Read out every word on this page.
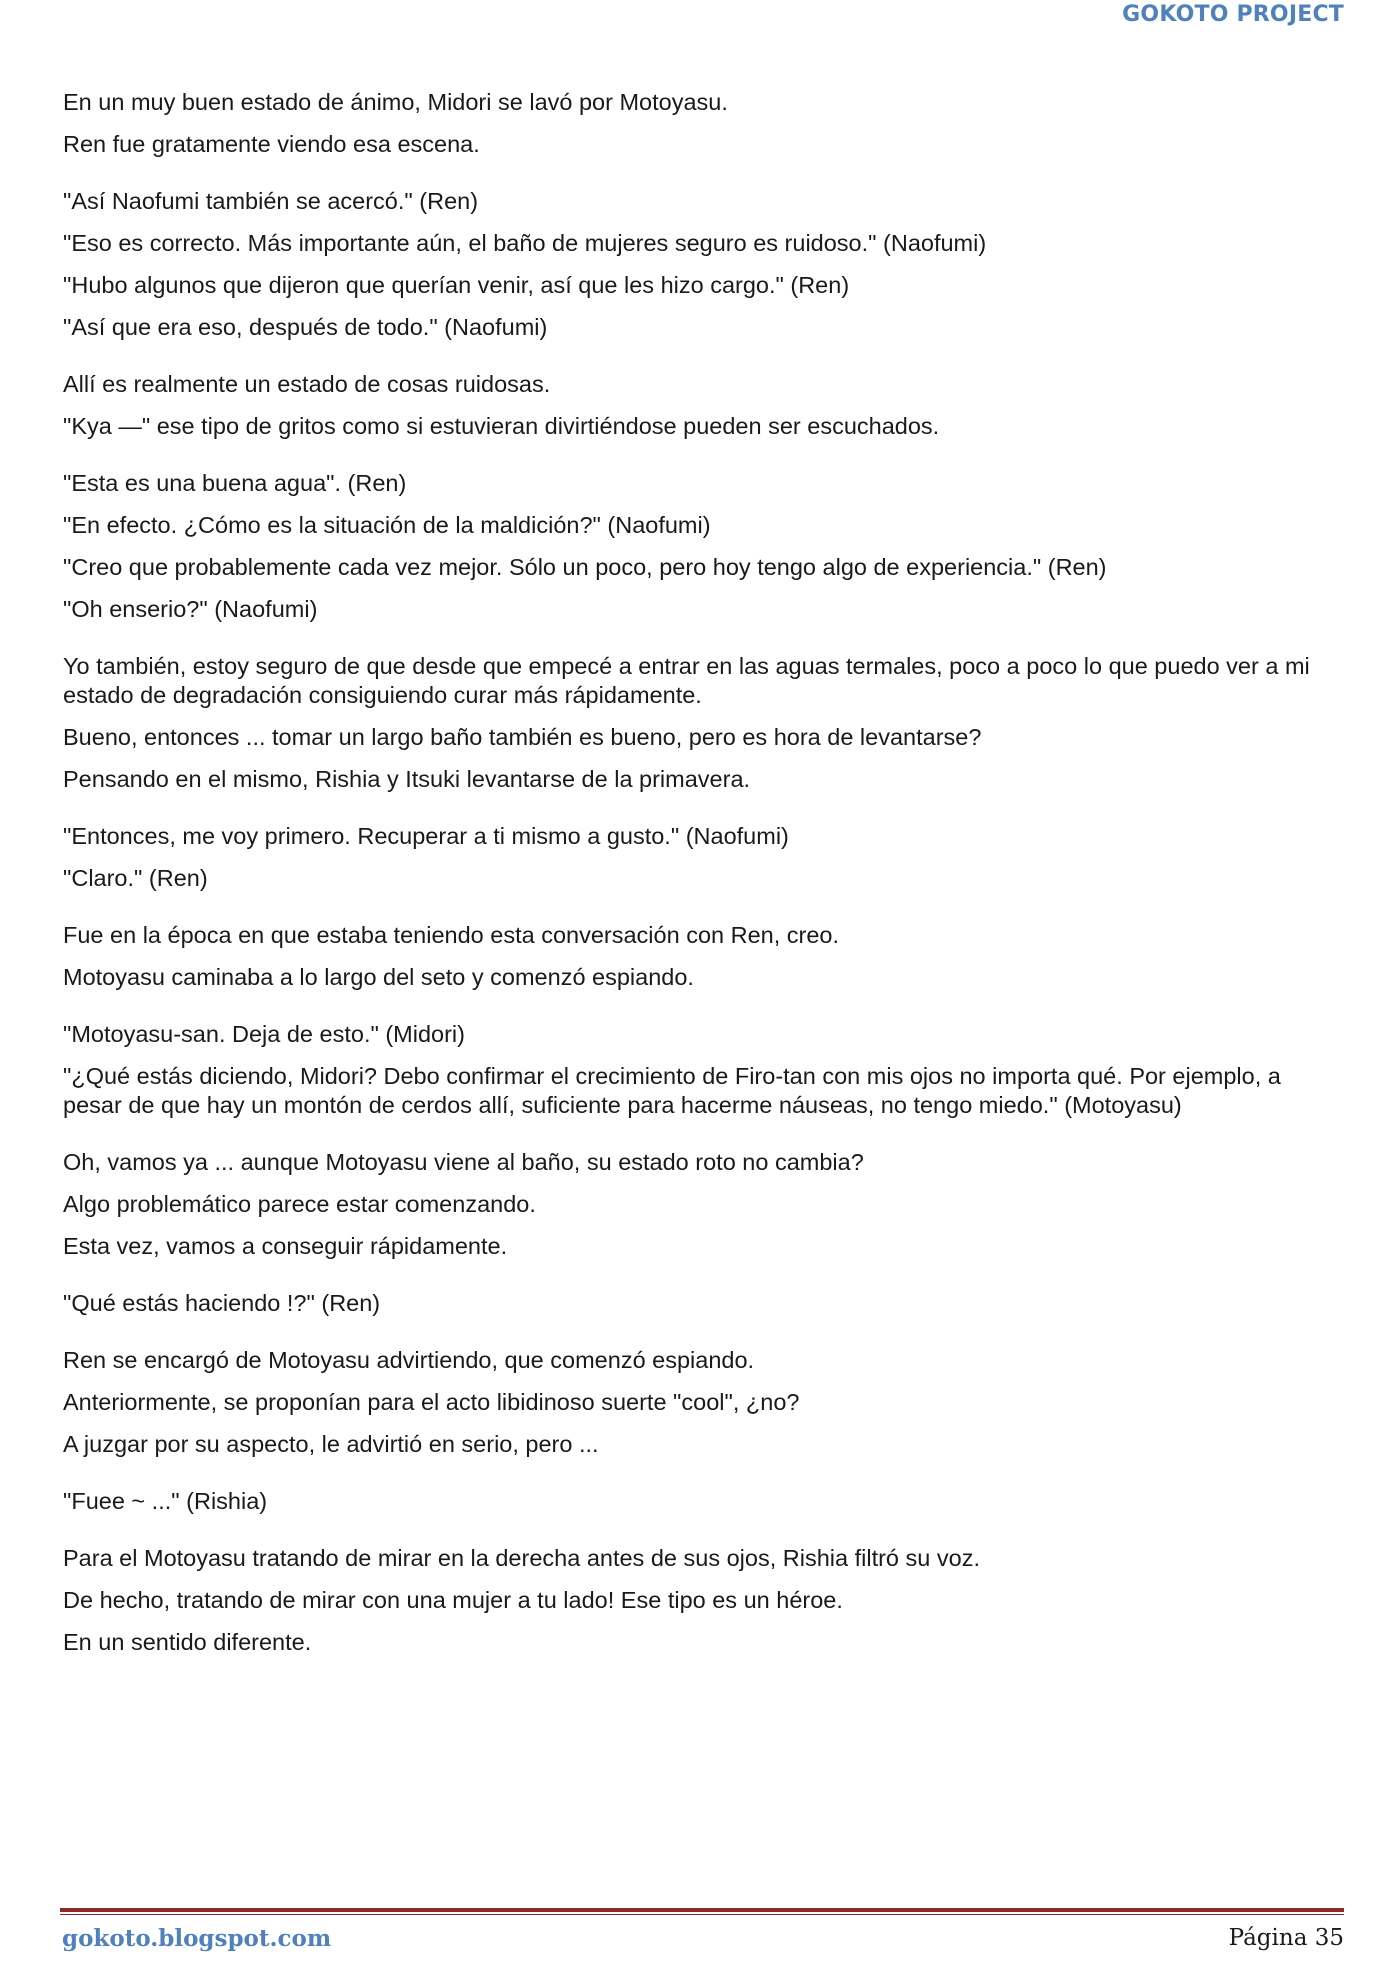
GOKOTO PROJECT

En un muy buen estado de ánimo, Midori se lavó por Motoyasu.

Ren fue gratamente viendo esa escena.

"Así Naofumi también se acercó." (Ren)

"Eso es correcto. Más importante aún, el baño de mujeres seguro es ruidoso." (Naofumi)

"Hubo algunos que dijeron que querían venir, así que les hizo cargo." (Ren)

"Así que era eso, después de todo." (Naofumi)

Allí es realmente un estado de cosas ruidosas.

"Kya —" ese tipo de gritos como si estuvieran divirtiéndose pueden ser escuchados.

"Esta es una buena agua". (Ren)

"En efecto. ¿Cómo es la situación de la maldición?" (Naofumi)

"Creo que probablemente cada vez mejor. Sólo un poco, pero hoy tengo algo de experiencia." (Ren)

"Oh enserio?" (Naofumi)

Yo también, estoy seguro de que desde que empecé a entrar en las aguas termales, poco a poco lo que puedo ver a mi estado de degradación consiguiendo curar más rápidamente.

Bueno, entonces ... tomar un largo baño también es bueno, pero es hora de levantarse?

Pensando en el mismo, Rishia y Itsuki levantarse de la primavera.

"Entonces, me voy primero. Recuperar a ti mismo a gusto." (Naofumi)

"Claro." (Ren)

Fue en la época en que estaba teniendo esta conversación con Ren, creo.

Motoyasu caminaba a lo largo del seto y comenzó espiando.

"Motoyasu-san. Deja de esto." (Midori)

"¿Qué estás diciendo, Midori? Debo confirmar el crecimiento de Firo-tan con mis ojos no importa qué. Por ejemplo, a pesar de que hay un montón de cerdos allí, suficiente para hacerme náuseas, no tengo miedo." (Motoyasu)

Oh, vamos ya ... aunque Motoyasu viene al baño, su estado roto no cambia?

Algo problemático parece estar comenzando.

Esta vez, vamos a conseguir rápidamente.

"Qué estás haciendo !?" (Ren)

Ren se encargó de Motoyasu advirtiendo, que comenzó espiando.

Anteriormente, se proponían para el acto libidinoso suerte "cool", ¿no?

A juzgar por su aspecto, le advirtió en serio, pero ...

"Fuee ~ ..." (Rishia)

Para el Motoyasu tratando de mirar en la derecha antes de sus ojos, Rishia filtró su voz.

De hecho, tratando de mirar con una mujer a tu lado! Ese tipo es un héroe.

En un sentido diferente.

gokoto.blogspot.com	Página 35
